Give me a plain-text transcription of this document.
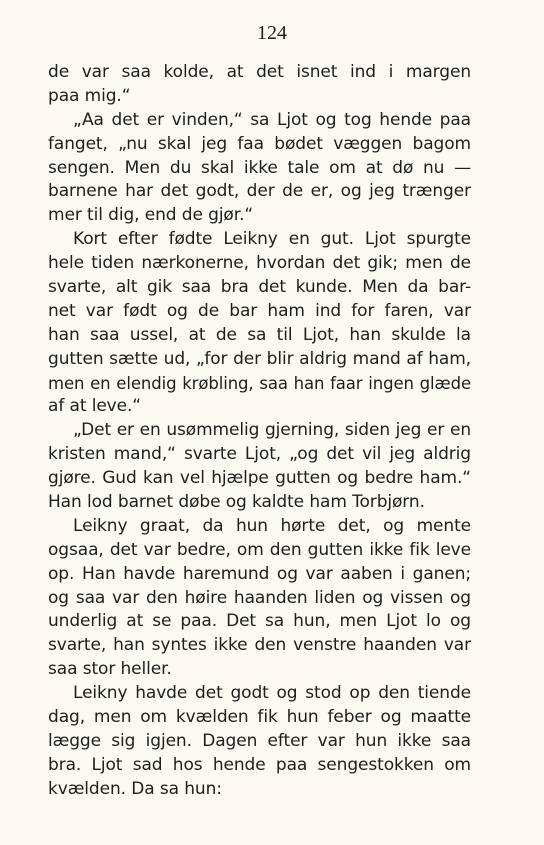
124
de var saa kolde, at det isnet ind i margen
paa mig.“
„Aa det er vinden,“ sa Ljot og tog hende paa
fanget, „nu skal jeg faa bødet væggen bagom
sengen. Men du skal ikke tale om at dø nu —
barnene har det godt, der de er, og jeg trænger
mer til dig, end de gjør.“
Kort efter fødte Leikny en gut. Ljot spurgte
hele tiden nærkonerne, hvordan det gik; men de
svarte, alt gik saa bra det kunde. Men da bar-
net var født og de bar ham ind for faren, var
han saa ussel, at de sa til Ljot, han skulde la
gutten sætte ud, „for der blir aldrig mand af ham,
men en elendig krøbling, saa han faar ingen glæde
af at leve.“
„Det er en usømmelig gjerning, siden jeg er en
kristen mand,“ svarte Ljot, „og det vil jeg aldrig
gjøre. Gud kan vel hjælpe gutten og bedre ham.“
Han lod barnet døbe og kaldte ham Torbjørn.
Leikny graat, da hun hørte det, og mente
ogsaa, det var bedre, om den gutten ikke fik leve
op. Han havde haremund og var aaben i ganen;
og saa var den høire haanden liden og vissen og
underlig at se paa. Det sa hun, men Ljot lo og
svarte, han syntes ikke den venstre haanden var
saa stor heller.
Leikny havde det godt og stod op den tiende
dag, men om kvælden fik hun feber og maatte
lægge sig igjen. Dagen efter var hun ikke saa
bra. Ljot sad hos hende paa sengestokken om
kvælden. Da sa hun:
